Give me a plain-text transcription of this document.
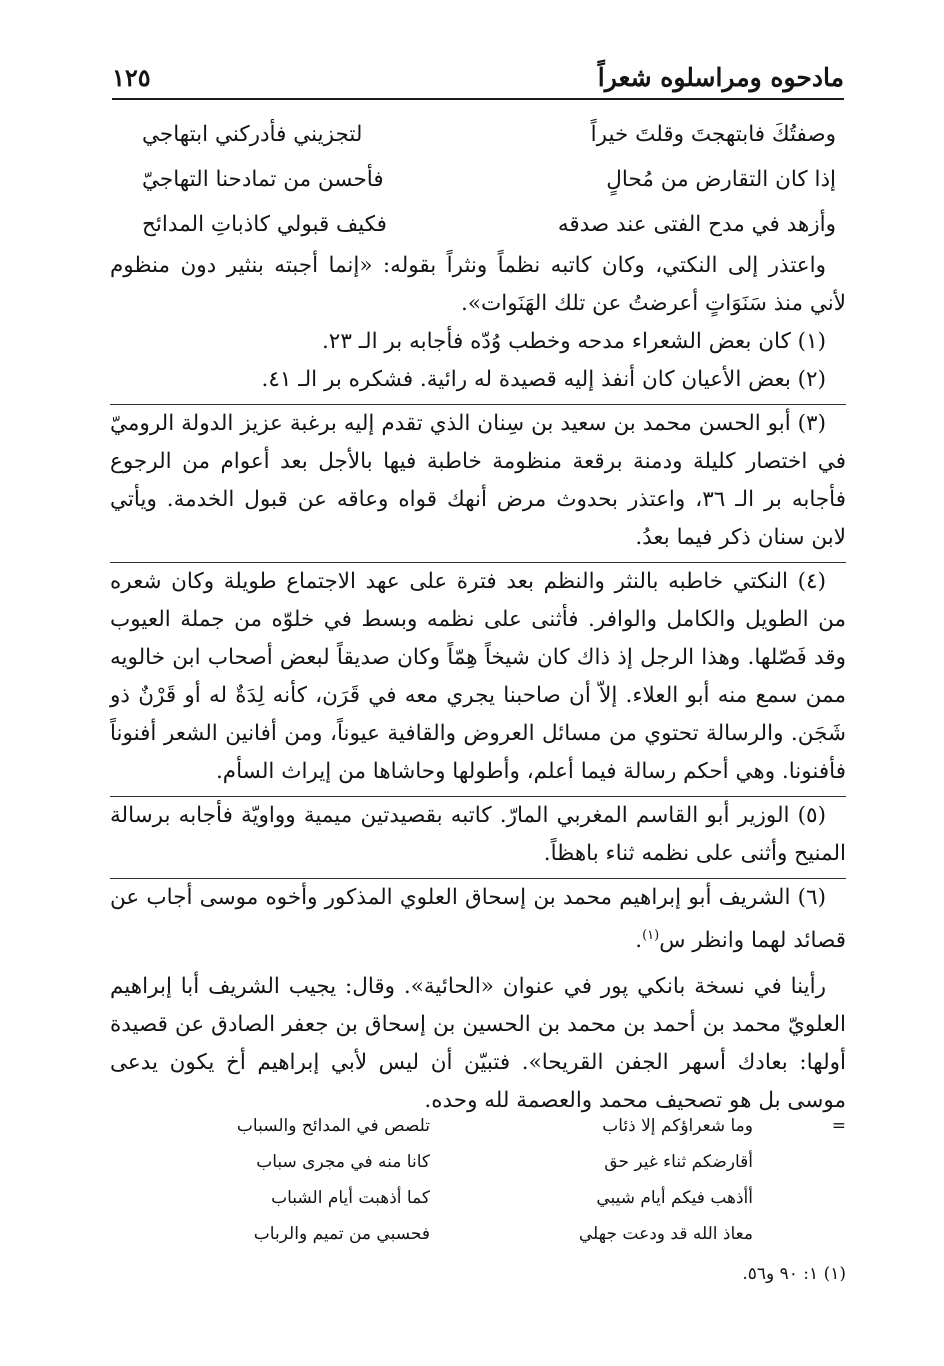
مادحوه ومراسلوه شعراً
١٢٥
وصفتُكَ فابتهجتَ وقلتَ خيراً
لتجزيني فأدركني ابتهاجي
إذا كان التقارض من مُحالٍ
فأحسن من تمادحنا التهاجيّ
وأزهد في مدح الفتى عند صدقه
فكيف قبولي كاذباتِ المدائح

واعتذر إلى النكتي، وكان كاتبه نظماً ونثراً بقوله: «إنما أجبته بنثير دون منظوم لأني منذ سَنَوَاتٍ أعرضتُ عن تلك الهَنَوات».

(١) كان بعض الشعراء مدحه وخطب وُدّه فأجابه بر الـ ٢٣.

(٢) بعض الأعيان كان أنفذ إليه قصيدة له رائية. فشكره بر الـ ٤١.

(٣) أبو الحسن محمد بن سعيد بن سِنان الذي تقدم إليه برغبة عزيز الدولة الروميّ في اختصار كليلة ودمنة برقعة منظومة خاطبة فيها بالأجل بعد أعوام من الرجوع فأجابه بر الـ ٣٦، واعتذر بحدوث مرض أنهك قواه وعاقه عن قبول الخدمة. ويأتي لابن سنان ذكر فيما بعدُ.

(٤) النكتي خاطبه بالنثر والنظم بعد فترة على عهد الاجتماع طويلة وكان شعره من الطويل والكامل والوافر. فأثنى على نظمه وبسط في خلوّه من جملة العيوب وقد فَصّلها. وهذا الرجل إذ ذاك كان شيخاً هِمّاً وكان صديقاً لبعض أصحاب ابن خالويه ممن سمع منه أبو العلاء. إلاّ أن صاحبنا يجري معه في قَرَن، كأنه لِدَةٌ له أو قَرْنٌ ذو شَجَن. والرسالة تحتوي من مسائل العروض والقافية عيوناً، ومن أفانين الشعر أفنوناً فأفنونا. وهي أحكم رسالة فيما أعلم، وأطولها وحاشاها من إيراث السأم.

(٥) الوزير أبو القاسم المغربي المارّ. كاتبه بقصيدتين ميمية وواويّة فأجابه برسالة المنيح وأثنى على نظمه ثناء باهظاً.

(٦) الشريف أبو إبراهيم محمد بن إسحاق العلوي المذكور وأخوه موسى أجاب عن قصائد لهما وانظر س$^{(١)}$.

رأينا في نسخة بانكي پور في عنوان «الحائية». وقال: يجيب الشريف أبا إبراهيم العلويّ محمد بن أحمد بن محمد بن الحسين بن إسحاق بن جعفر الصادق عن قصيدة أولها: بعادك أسهر الجفن القريحا». فتبيّن أن ليس لأبي إبراهيم أخ يكون يدعى موسى بل هو تصحيف محمد والعصمة لله وحده.

=
وما شعراؤكم إلا ذئاب
تلصص في المدائح والسباب
أقارضكم ثناء غير حق
كانا منه في مجرى سباب
أأذهب فيكم أيام شيبي
كما أذهبت أيام الشباب
معاذ الله قد ودعت جهلي
فحسبي من تميم والرباب
(١) ١: ٩٠ و٥٦.
